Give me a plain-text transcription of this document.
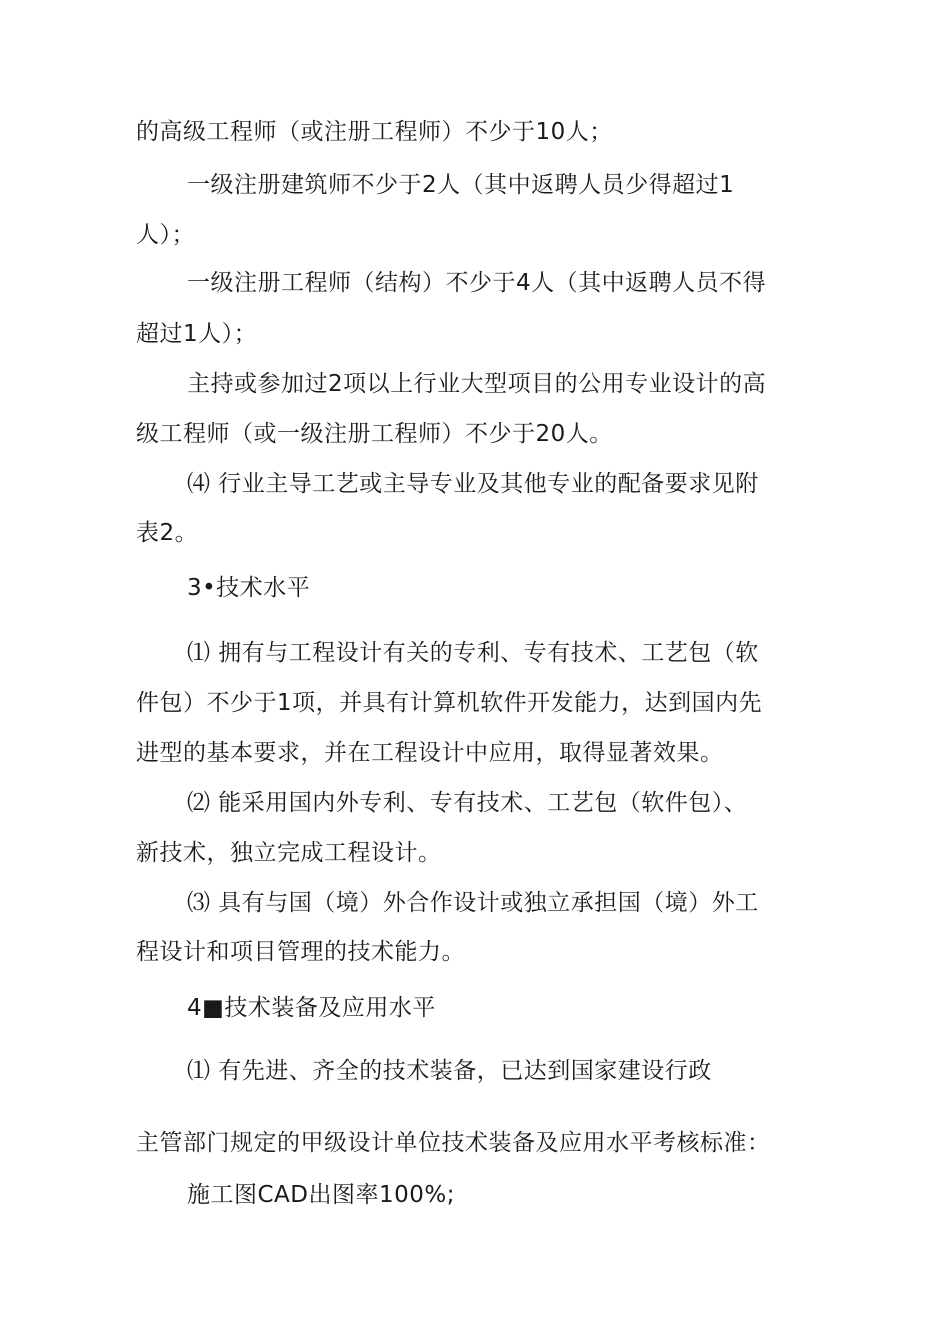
的高级工程师（或注册工程师）不少于10人；
一级注册建筑师不少于2人（其中返聘人员少得超过1
人）；
一级注册工程师（结构）不少于4人（其中返聘人员不得
超过1人）；
主持或参加过2项以上行业大型项目的公用专业设计的高
级工程师（或一级注册工程师）不少于20人。
⑷ 行业主导工艺或主导专业及其他专业的配备要求见附
表2。
3•技术水平
⑴ 拥有与工程设计有关的专利、专有技术、工艺包（软
件包）不少于1项，并具有计算机软件开发能力，达到国内先
进型的基本要求，并在工程设计中应用，取得显著效果。
⑵ 能采用国内外专利、专有技术、工艺包（软件包）、
新技术，独立完成工程设计。
⑶ 具有与国（境）外合作设计或独立承担国（境）外工
程设计和项目管理的技术能力。
4■技术装备及应用水平
⑴ 有先进、齐全的技术装备，已达到国家建设行政
主管部门规定的甲级设计单位技术装备及应用水平考核标准：
施工图CAD出图率100%;
